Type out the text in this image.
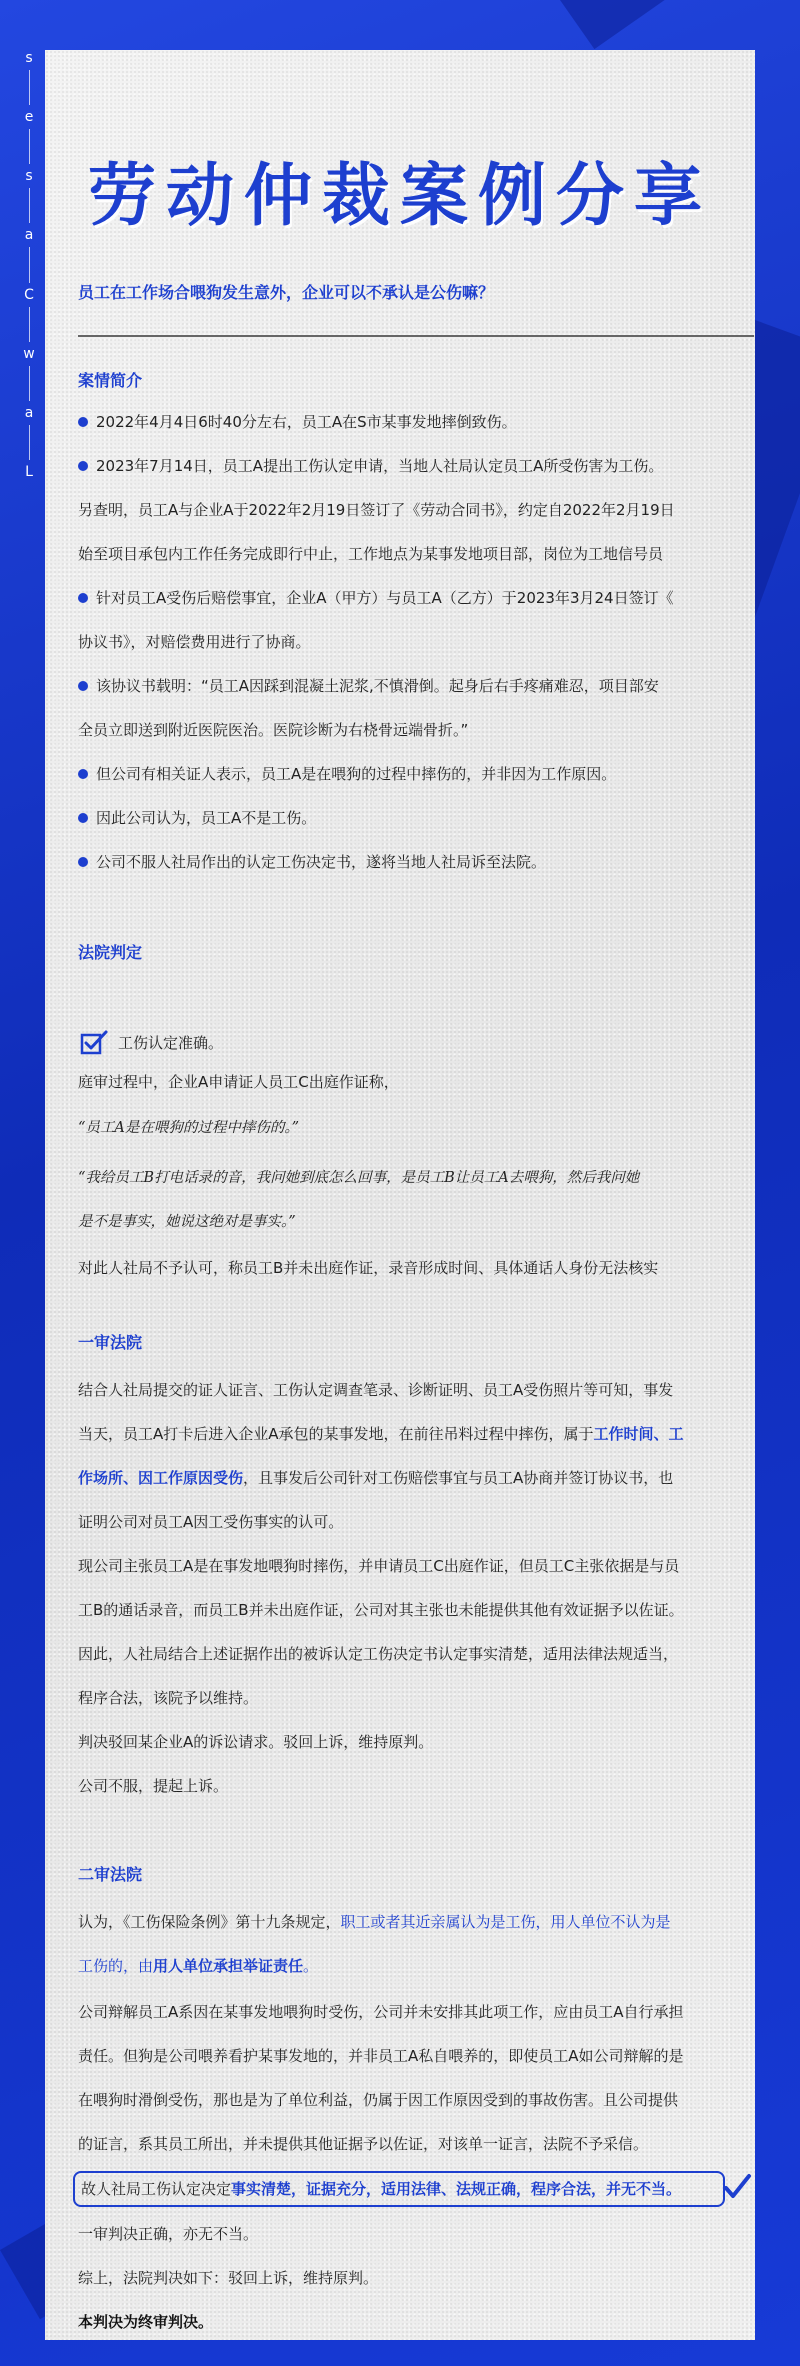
s
e
s
a
C
w
a
L
劳动仲裁案例分享
员工在工作场合喂狗发生意外，企业可以不承认是公伤嘛？
案情简介
2022年4月4日6时40分左右，员工A在S市某事发地摔倒致伤。
2023年7月14日，员工A提出工伤认定申请，当地人社局认定员工A所受伤害为工伤。
另查明，员工A与企业A于2022年2月19日签订了《劳动合同书》，约定自2022年2月19日
始至项目承包内工作任务完成即行中止，工作地点为某事发地项目部，岗位为工地信号员
针对员工A受伤后赔偿事宜，企业A（甲方）与员工A（乙方）于2023年3月24日签订《
协议书》，对赔偿费用进行了协商。
该协议书载明：“员工A因踩到混凝土泥浆,不慎滑倒。起身后右手疼痛难忍，项目部安
全员立即送到附近医院医治。医院诊断为右桡骨远端骨折。”
但公司有相关证人表示，员工A是在喂狗的过程中摔伤的，并非因为工作原因。
因此公司认为，员工A不是工伤。
公司不服人社局作出的认定工伤决定书，遂将当地人社局诉至法院。
法院判定
工伤认定准确。
庭审过程中，企业A申请证人员工C出庭作证称，
“员工A是在喂狗的过程中摔伤的。”
“我给员工B打电话录的音，我问她到底怎么回事，是员工B让员工A去喂狗，然后我问她
是不是事实，她说这绝对是事实。”
对此人社局不予认可，称员工B并未出庭作证，录音形成时间、具体通话人身份无法核实
一审法院
结合人社局提交的证人证言、工伤认定调查笔录、诊断证明、员工A受伤照片等可知，事发
当天，员工A打卡后进入企业A承包的某事发地，在前往吊料过程中摔伤，属于工作时间、工
作场所、因工作原因受伤，且事发后公司针对工伤赔偿事宜与员工A协商并签订协议书，也
证明公司对员工A因工受伤事实的认可。
现公司主张员工A是在事发地喂狗时摔伤，并申请员工C出庭作证，但员工C主张依据是与员
工B的通话录音，而员工B并未出庭作证，公司对其主张也未能提供其他有效证据予以佐证。
因此，人社局结合上述证据作出的被诉认定工伤决定书认定事实清楚，适用法律法规适当，
程序合法，该院予以维持。
判决驳回某企业A的诉讼请求。驳回上诉，维持原判。
公司不服，提起上诉。
二审法院
认为，《工伤保险条例》第十九条规定，职工或者其近亲属认为是工伤，用人单位不认为是
工伤的，由用人单位承担举证责任。
公司辩解员工A系因在某事发地喂狗时受伤，公司并未安排其此项工作，应由员工A自行承担
责任。但狗是公司喂养看护某事发地的，并非员工A私自喂养的，即使员工A如公司辩解的是
在喂狗时滑倒受伤，那也是为了单位利益，仍属于因工作原因受到的事故伤害。且公司提供
的证言，系其员工所出，并未提供其他证据予以佐证，对该单一证言，法院不予采信。
故人社局工伤认定决定事实清楚，证据充分，适用法律、法规正确，程序合法，并无不当。
一审判决正确，亦无不当。
综上，法院判决如下：驳回上诉，维持原判。
本判决为终审判决。
